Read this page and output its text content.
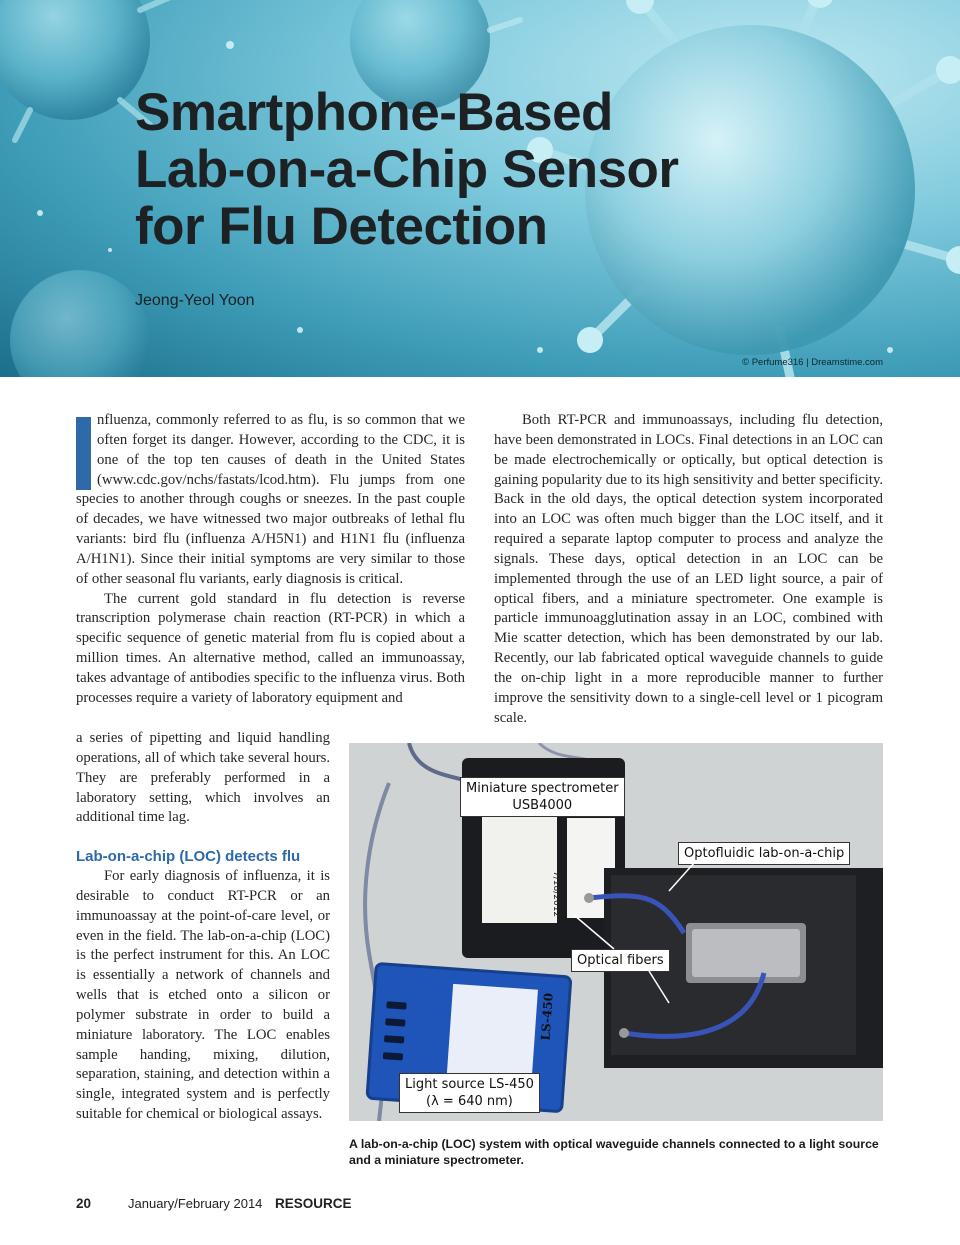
Smartphone-Based
Lab-on-a-Chip Sensor
for Flu Detection
Jeong-Yeol Yoon
© Perfume316 | Dreamstime.com

nfluenza, commonly referred to as flu, is so common that we often forget its danger. However, according to the CDC, it is one of the top ten causes of death in the United States (www.cdc.gov/nchs/fastats/lcod.htm). Flu jumps from one species to another through coughs or sneezes. In the past couple of decades, we have witnessed two major outbreaks of lethal flu variants: bird flu (influenza A/H5N1) and H1N1 flu (influenza A/H1N1). Since their initial symptoms are very similar to those of other seasonal flu variants, early diagnosis is critical.

The current gold standard in flu detection is reverse transcription polymerase chain reaction (RT-PCR) in which a specific sequence of genetic material from flu is copied about a million times. An alternative method, called an immunoassay, takes advantage of antibodies specific to the influenza virus. Both processes require a variety of laboratory equipment and

a series of pipetting and liquid handling operations, all of which take several hours. They are preferably performed in a laboratory setting, which involves an additional time lag.

Lab-on-a-chip (LOC) detects flu

For early diagnosis of influenza, it is desirable to conduct RT-PCR or an immunoassay at the point-of-care level, or even in the field. The lab-on-a-chip (LOC) is the perfect instrument for this. An LOC is essentially a network of channels and wells that is etched onto a silicon or polymer substrate in order to build a miniature laboratory. The LOC enables sample handing, mixing, dilution, separation, staining, and detection within a single, integrated system and is perfectly suitable for chemical or biological assays.

Both RT-PCR and immunoassays, including flu detection, have been demonstrated in LOCs. Final detections in an LOC can be made electrochemically or optically, but optical detection is gaining popularity due to its high sensitivity and better specificity. Back in the old days, the optical detection system incorporated into an LOC was often much bigger than the LOC itself, and it required a separate laptop computer to process and analyze the signals. These days, optical detection in an LOC can be implemented through the use of an LED light source, a pair of optical fibers, and a miniature spectrometer. One example is particle immunoagglutination assay in an LOC, combined with Mie scatter detection, which has been demonstrated by our lab. Recently, our lab fabricated optical waveguide channels to guide the on-chip light in a more reproducible manner to further improve the sensitivity down to a single-cell level or 1 picogram scale.

7/18/2012
LS-450
Miniature spectrometer
USB4000
Optofluidic lab-on-a-chip
Optical fibers
Light source LS-450
(λ = 640 nm)
A lab-on-a-chip (LOC) system with optical waveguide channels connected to a light source and a miniature spectrometer.
20	January/February 2014 RESOURCE
